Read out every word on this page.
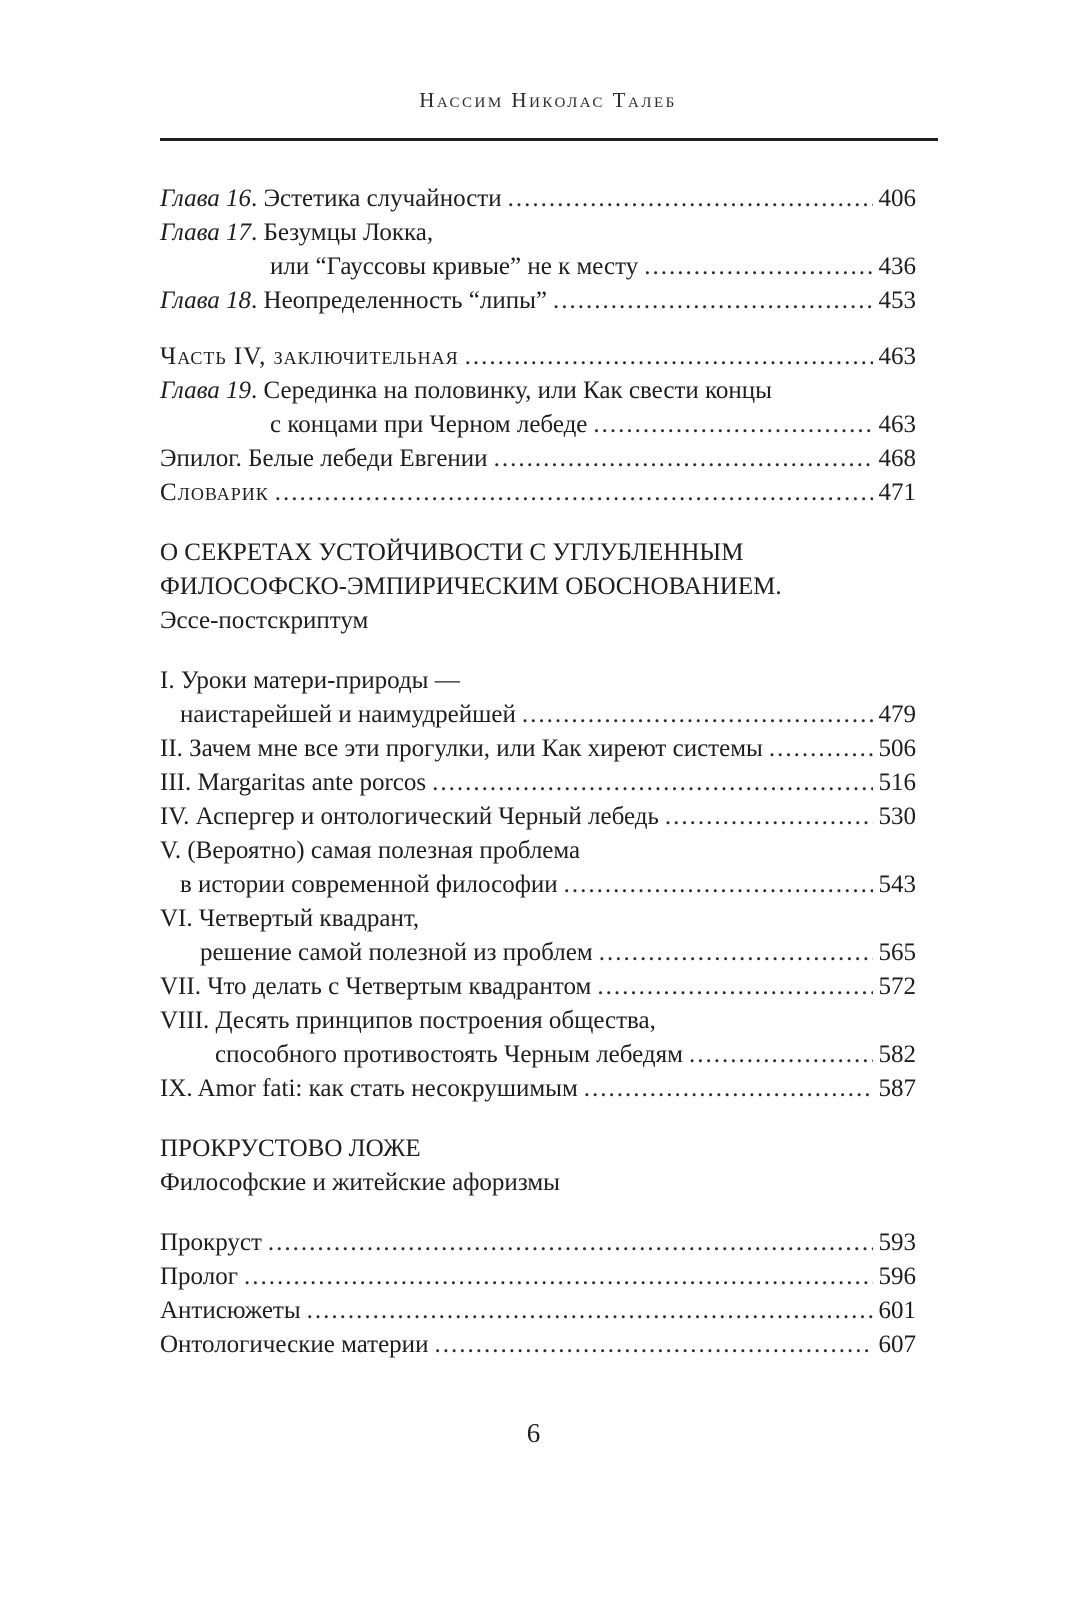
Нассим Николас Талеб
Глава 16. Эстетика случайности .....	406
Глава 17. Безумцы Локка,
или “Гауссовы кривые” не к месту .....	436
Глава 18. Неопределенность “липы” .....	453
Часть IV, заключительная .....	463
Глава 19. Серединка на половинку, или Как свести концы
с концами при Черном лебеде .....	463
Эпилог. Белые лебеди Евгении .....	468
Словарик .....	471
О СЕКРЕТАХ УСТОЙЧИВОСТИ С УГЛУБЛЕННЫМ
ФИЛОСОФСКО-ЭМПИРИЧЕСКИМ ОБОСНОВАНИЕМ.
Эссе-постскриптум
I. Уроки матери-природы —
наистарейшей и наимудрейшей .....	479
II. Зачем мне все эти прогулки, или Как хиреют системы .....	506
III. Margaritas ante porcos .....	516
IV. Аспергер и онтологический Черный лебедь .....	530
V. (Вероятно) самая полезная проблема
в истории современной философии .....	543
VI. Четвертый квадрант,
решение самой полезной из проблем .....	565
VII. Что делать с Четвертым квадрантом .....	572
VIII. Десять принципов построения общества,
способного противостоять Черным лебедям .....	582
IX. Amor fati: как стать несокрушимым .....	587
ПРОКРУСТОВО ЛОЖЕ
Философские и житейские афоризмы
Прокруст .....	593
Пролог .....	596
Антисюжеты .....	601
Онтологические материи .....	607
6
